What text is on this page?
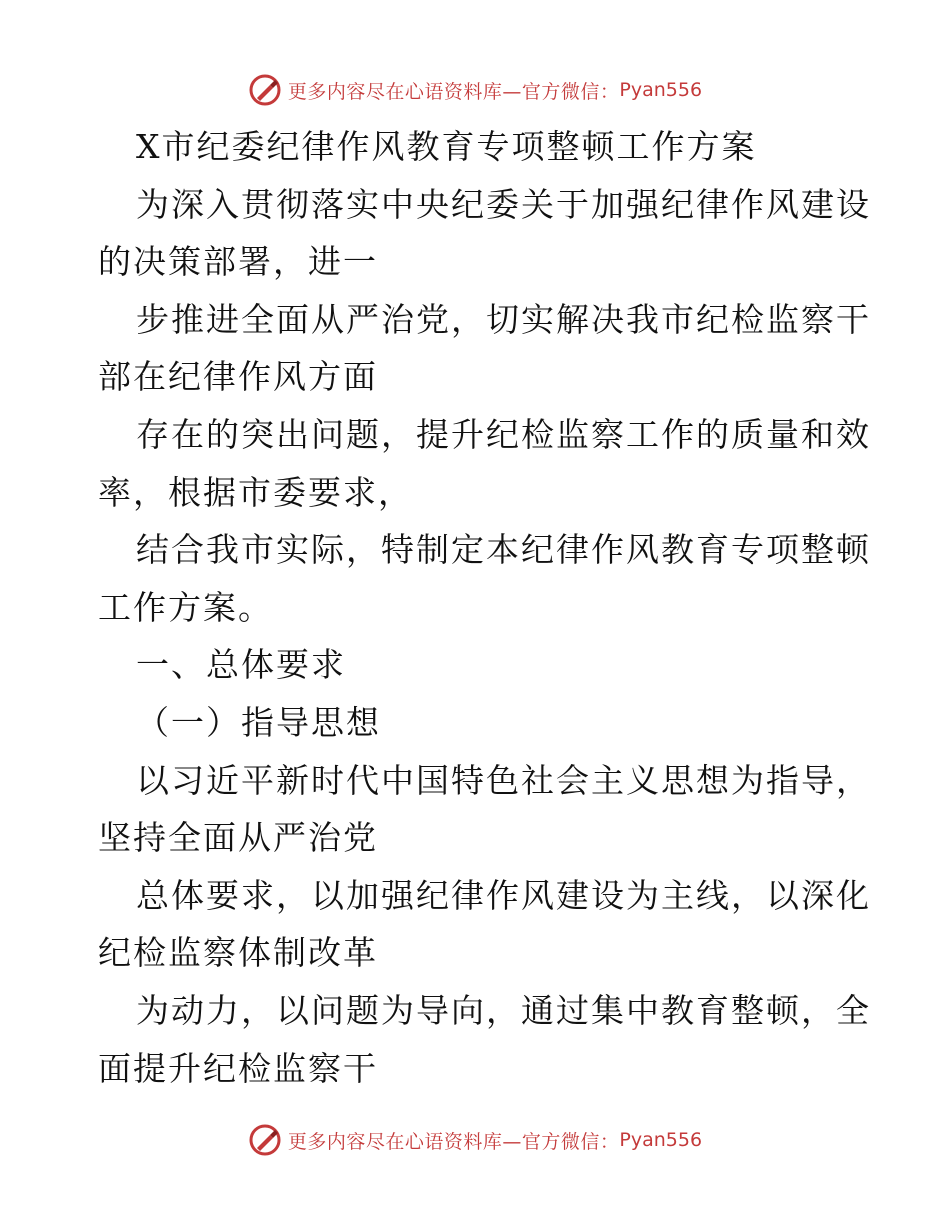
更多内容尽在心语资料库—官方微信： Pyan556
X市纪委纪律作风教育专项整顿工作方案
为深入贯彻落实中央纪委关于加强纪律作风建设
的决策部署，进一
步推进全面从严治党，切实解决我市纪检监察干
部在纪律作风方面
存在的突出问题，提升纪检监察工作的质量和效
率，根据市委要求，
结合我市实际，特制定本纪律作风教育专项整顿
工作方案。
一、总体要求
（一）指导思想
以习近平新时代中国特色社会主义思想为指导，
坚持全面从严治党
总体要求，以加强纪律作风建设为主线，以深化
纪检监察体制改革
为动力，以问题为导向，通过集中教育整顿，全
面提升纪检监察干
更多内容尽在心语资料库—官方微信： Pyan556
